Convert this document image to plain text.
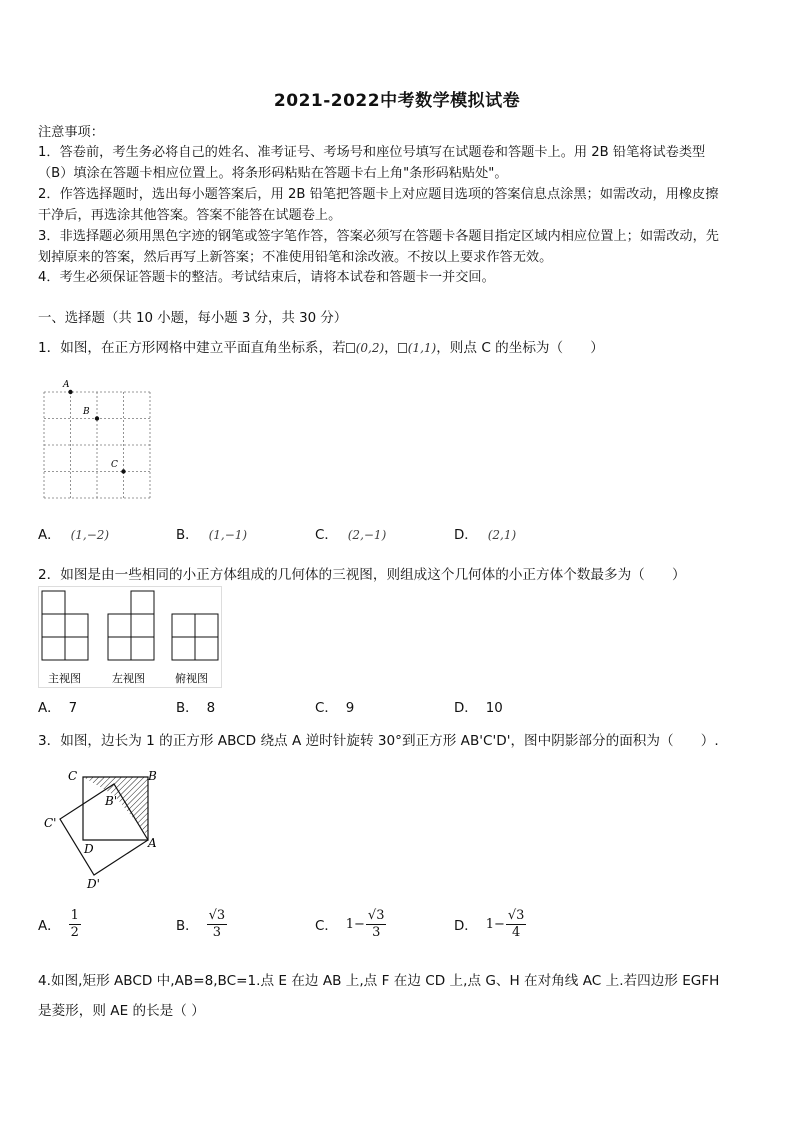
2021-2022中考数学模拟试卷
注意事项：
1．答卷前，考生务必将自己的姓名、准考证号、考场号和座位号填写在试题卷和答题卡上。用 2B 铅笔将试卷类型
（B）填涂在答题卡相应位置上。将条形码粘贴在答题卡右上角"条形码粘贴处"。
2．作答选择题时，选出每小题答案后，用 2B 铅笔把答题卡上对应题目选项的答案信息点涂黑；如需改动，用橡皮擦
干净后，再选涂其他答案。答案不能答在试题卷上。
3．非选择题必须用黑色字迹的钢笔或签字笔作答，答案必须写在答题卡各题目指定区域内相应位置上；如需改动，先
划掉原来的答案，然后再写上新答案；不准使用铅笔和涂改液。不按以上要求作答无效。
4．考生必须保证答题卡的整洁。考试结束后，请将本试卷和答题卡一并交回。
一、选择题（共 10 小题，每小题 3 分，共 30 分）
1．如图，在正方形网格中建立平面直角坐标系，若 (0,2)， (1,1)，则点 C 的坐标为（　　）
A
B
C
A． (1,−2)	B． (1,−1)	C． (2,−1)	D． (2,1)
2．如图是由一些相同的小正方体组成的几何体的三视图，则组成这个几何体的小正方体个数最多为（　　）
主视图	左视图	俯视图
A． 7	B． 8	C． 9	D． 10
3．如图，边长为 1 的正方形 ABCD 绕点 A 逆时针旋转 30°到正方形 AB'C'D'，图中阴影部分的面积为（　　）.
C	B
B'
C'
D	A
D'
A． $\frac{1}{2}$	B． $\frac{√3}{3}$	C． $1- \frac{√3}{3}$	D． $1- \frac{√3}{4}$
4.如图,矩形 ABCD 中,AB=8,BC=1.点 E 在边 AB 上,点 F 在边 CD 上,点 G、H 在对角线 AC 上.若四边形 EGFH
是菱形，则 AE 的长是（ ）
